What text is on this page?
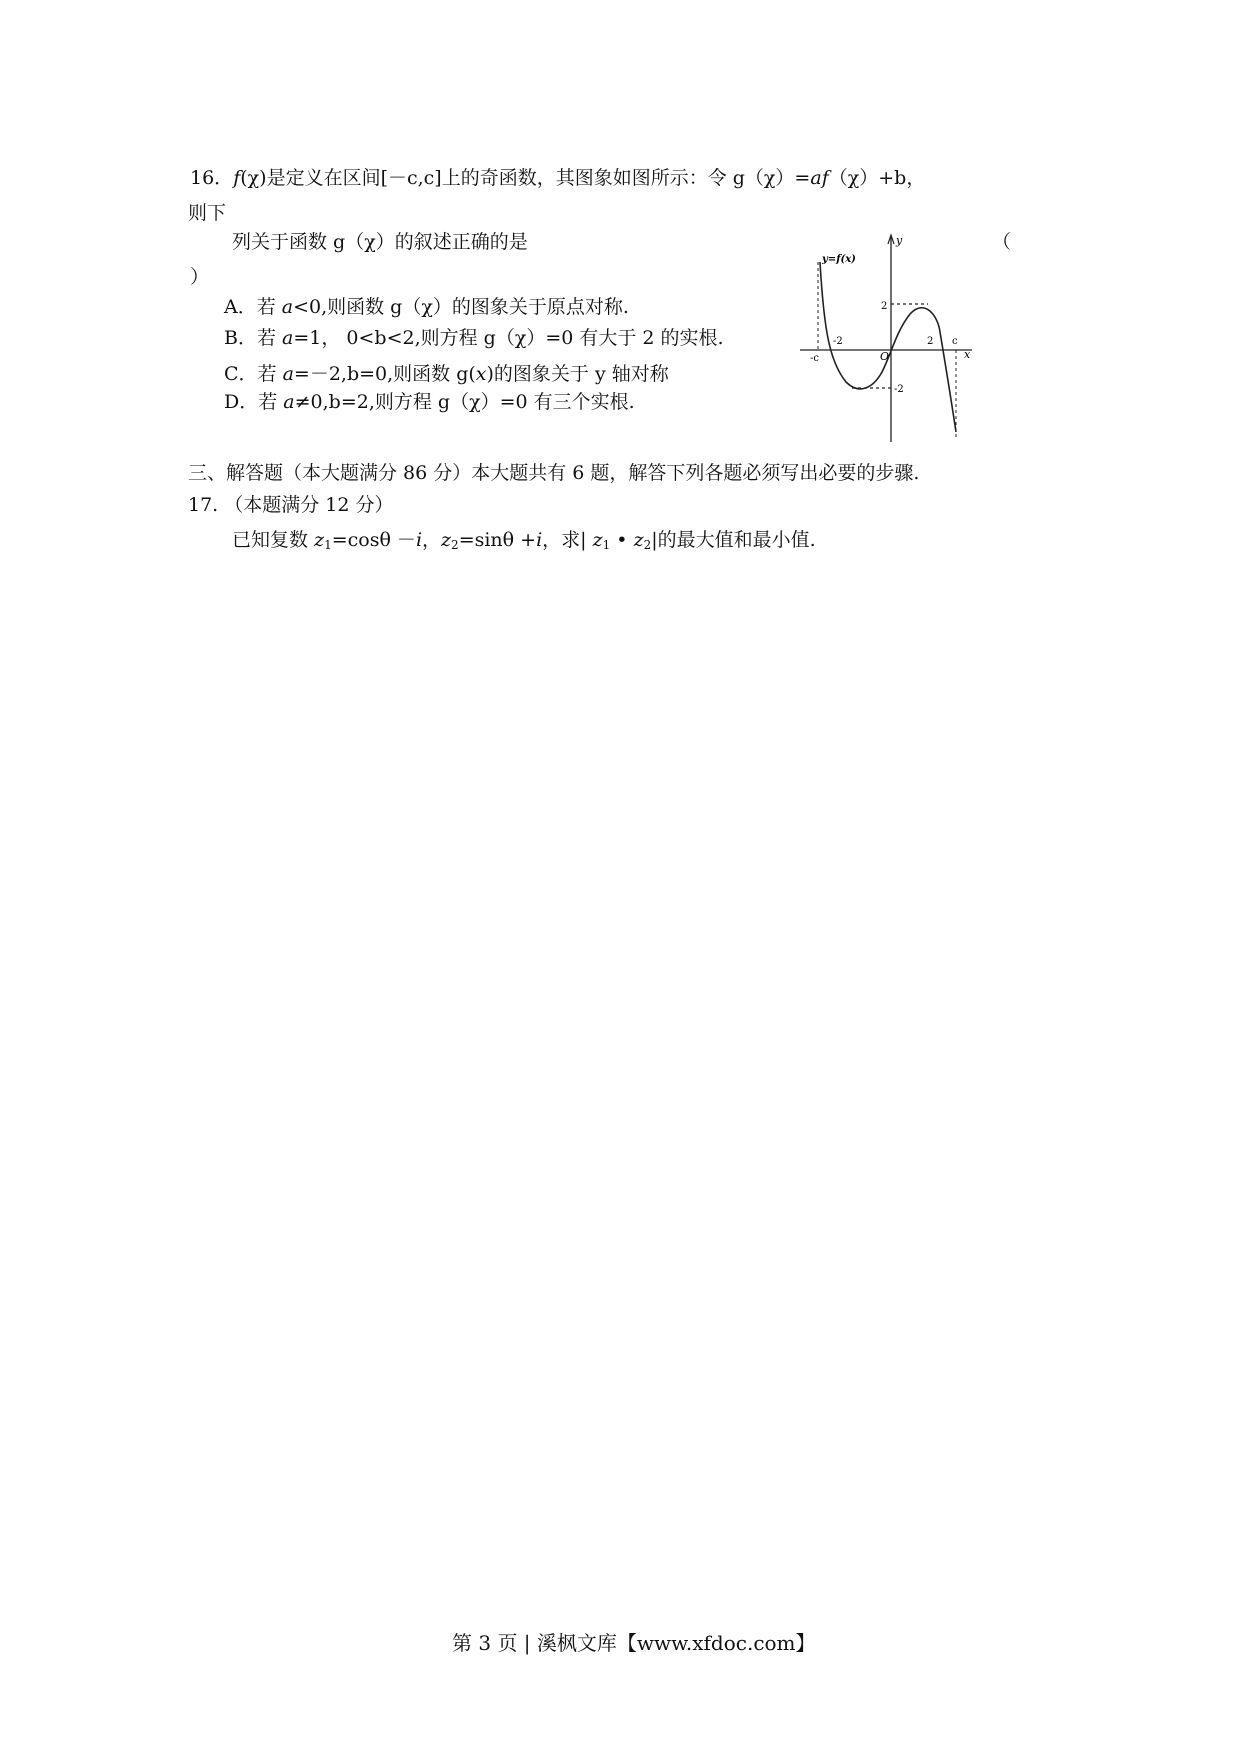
16．f(χ)是定义在区间[－c,c]上的奇函数，其图象如图所示：令 g（χ）=af（χ）+b，
则下
列关于函数 g（χ）的叙述正确的是	（
）
A．若 a<0,则函数 g（χ）的图象关于原点对称.
B．若 a=1， 0<b<2,则方程 g（χ）=0 有大于 2 的实根.
C．若 a=－2,b=0,则函数 g(x)的图象关于 y 轴对称
D．若 a≠0,b=2,则方程 g（χ）=0 有三个实根.
y=f(x)
y
x
O
-c
c
-2	2
2
-2
三、解答题（本大题满分 86 分）本大题共有 6 题，解答下列各题必须写出必要的步骤.
17. （本题满分 12 分）
已知复数 $z_1=\cos\theta -i$，$z_2=\sin\theta +i$，求| $z_1$ • $z_2|$的最大值和最小值.
第 3 页 | 溪枫文库【www.xfdoc.com】
